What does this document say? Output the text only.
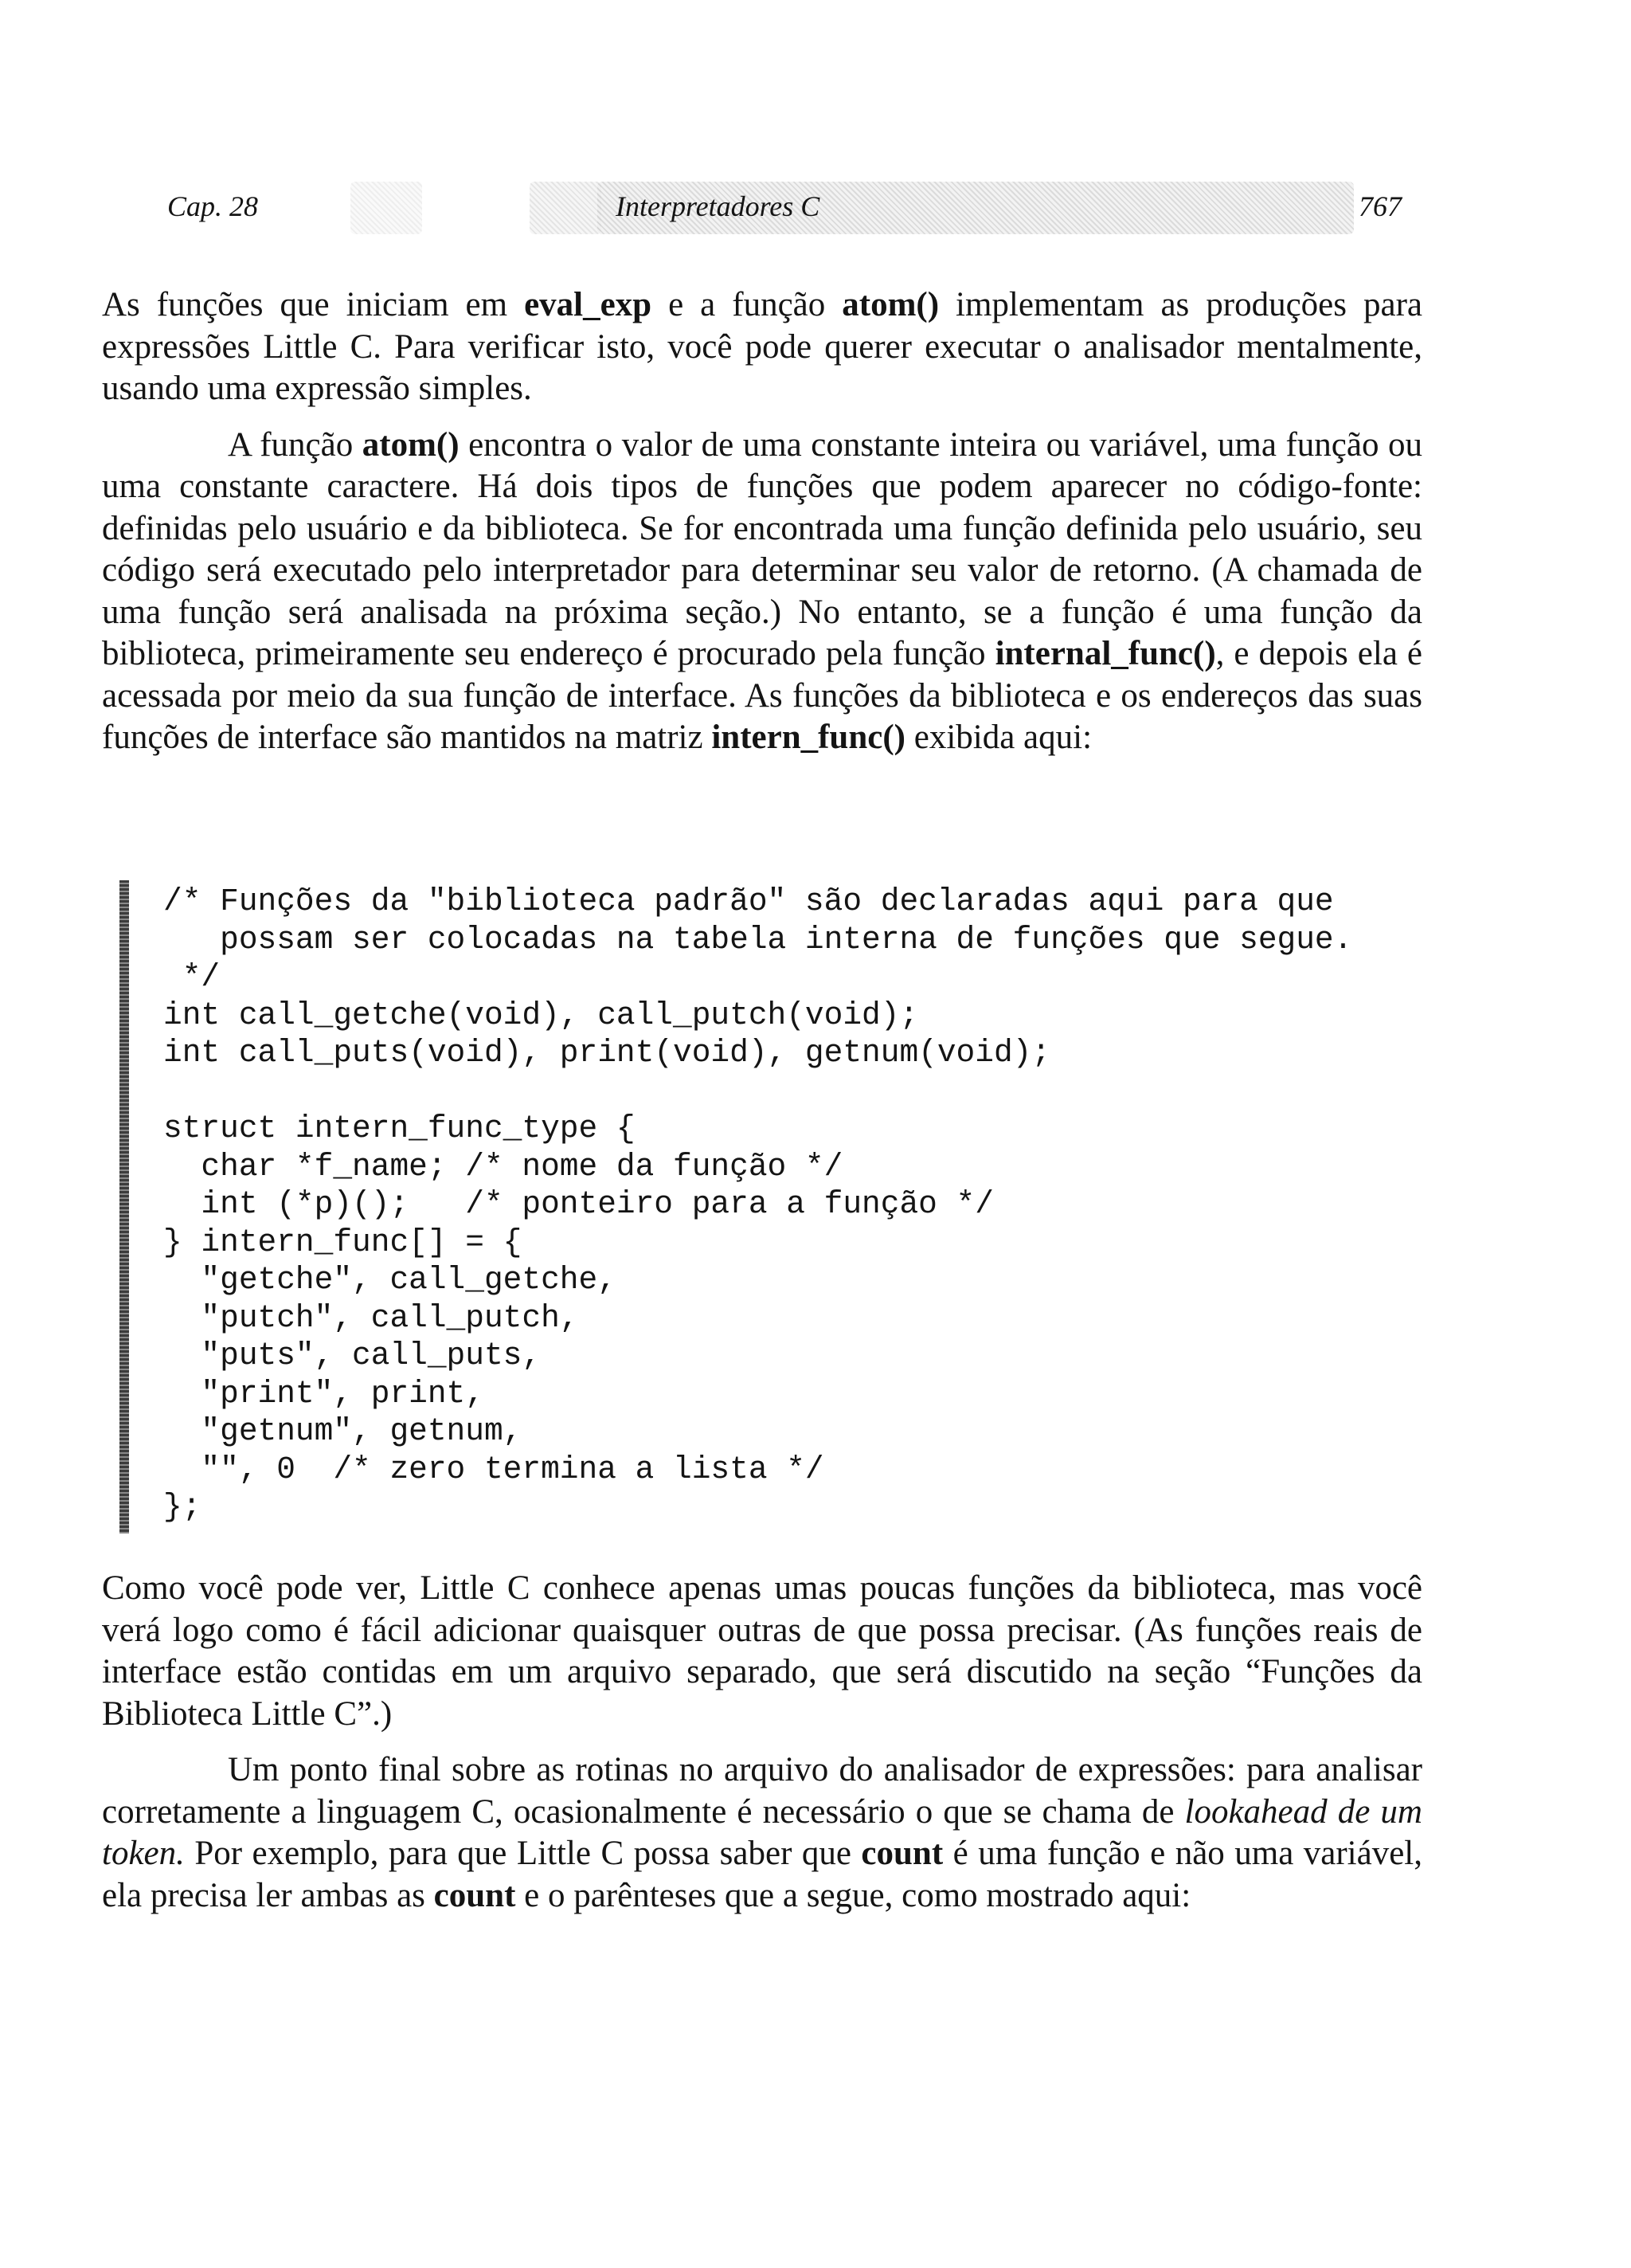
Cap. 28	Interpretadores C	767

As funções que iniciam em eval_exp e a função atom() implementam as produções para expressões Little C. Para verificar isto, você pode querer executar o analisador mentalmente, usando uma expressão simples.

A função atom() encontra o valor de uma constante inteira ou variável, uma função ou uma constante caractere. Há dois tipos de funções que podem aparecer no código-fonte: definidas pelo usuário e da biblioteca. Se for encontrada uma função definida pelo usuário, seu código será executado pelo interpretador para determinar seu valor de retorno. (A chamada de uma função será analisada na próxima seção.) No entanto, se a função é uma função da biblioteca, primeiramente seu endereço é procurado pela função internal_func(), e depois ela é acessada por meio da sua função de interface. As funções da biblioteca e os endereços das suas funções de interface são mantidos na matriz intern_func() exibida aqui:

/* Funções da "biblioteca padrão" são declaradas aqui para que
possam ser colocadas na tabela interna de funções que segue.
*/
int call_getche(void), call_putch(void);
int call_puts(void), print(void), getnum(void);

struct intern_func_type {
char *f_name; /* nome da função */
int (*p)();   /* ponteiro para a função */
} intern_func[] = {
"getche", call_getche,
"putch", call_putch,
"puts", call_puts,
"print", print,
"getnum", getnum,
"", 0  /* zero termina a lista */
};

Como você pode ver, Little C conhece apenas umas poucas funções da biblioteca, mas você verá logo como é fácil adicionar quaisquer outras de que possa precisar. (As funções reais de interface estão contidas em um arquivo separado, que será discutido na seção “Funções da Biblioteca Little C”.)

Um ponto final sobre as rotinas no arquivo do analisador de expressões: para analisar corretamente a linguagem C, ocasionalmente é necessário o que se chama de lookahead de um token. Por exemplo, para que Little C possa saber que count é uma função e não uma variável, ela precisa ler ambas as count e o parênteses que a segue, como mostrado aqui:
